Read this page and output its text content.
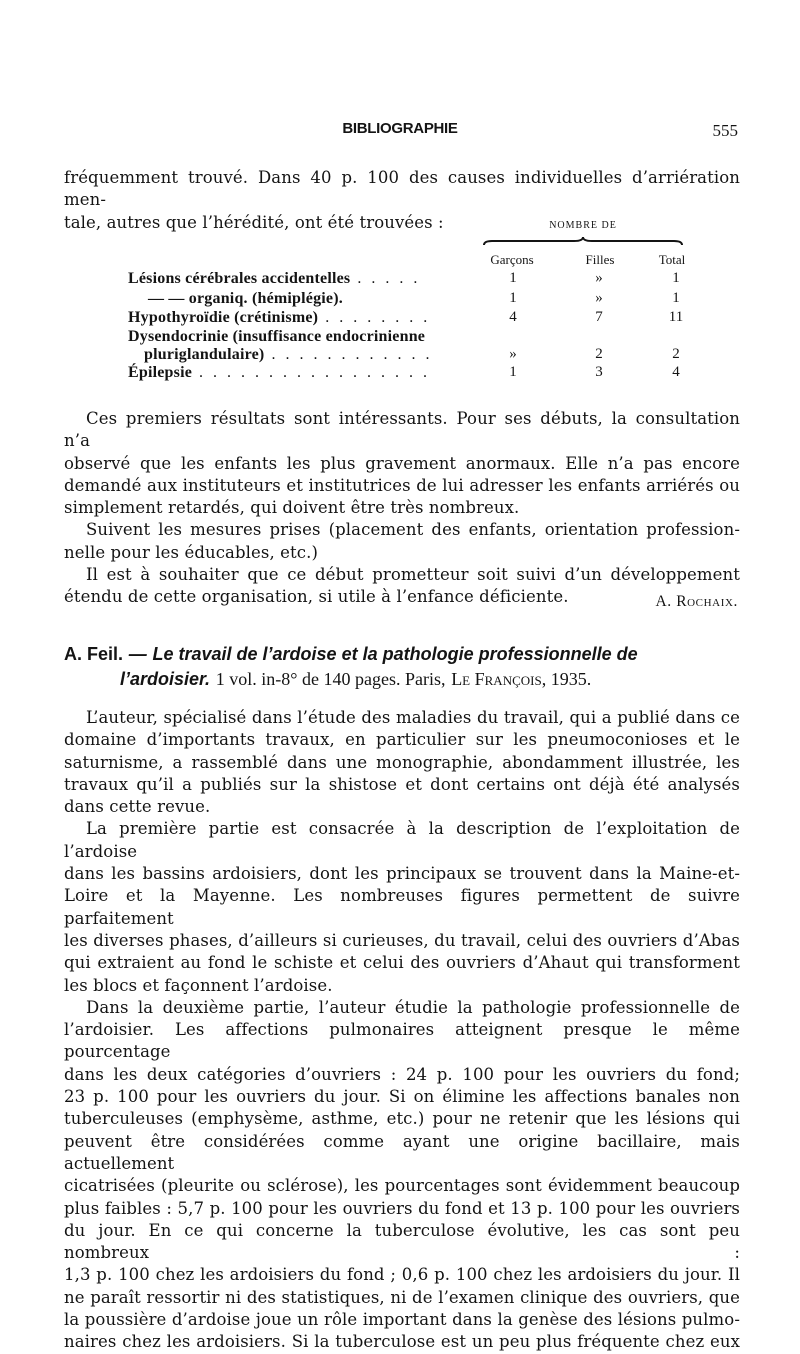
BIBLIOGRAPHIE	555
fréquemment trouvé. Dans 40 p. 100 des causes individuelles d’arriération men-
tale, autres que l’hérédité, ont été trouvées :	NOMBRE DE
Garçons	Filles	Total
Lésions cérébrales accidentelles . . . . .	1	»	1
— — organiq. (hémiplégie).	1	»	1
Hypothyroïdie (crétinisme) . . . . . . . .	4	7	11
Dysendocrinie (insuffisance endocrinienne
pluriglandulaire) . . . . . . . . . . . .	»	2	2
Épilepsie . . . . . . . . . . . . . . . . .	1	3	4
Ces premiers résultats sont intéressants. Pour ses débuts, la consultation n’a
observé que les enfants les plus gravement anormaux. Elle n’a pas encore
demandé aux instituteurs et institutrices de lui adresser les enfants arriérés ou
simplement retardés, qui doivent être très nombreux.
Suivent les mesures prises (placement des enfants, orientation profession-
nelle pour les éducables, etc.)
Il est à souhaiter que ce début prometteur soit suivi d’un développement
étendu de cette organisation, si utile à l’enfance déficiente.	A. Rochaix.
A. Feil. — Le travail de l’ardoise et la pathologie professionnelle de
l’ardoisier. 1 vol. in-8° de 140 pages. Paris, Le François, 1935.
L’auteur, spécialisé dans l’étude des maladies du travail, qui a publié dans ce
domaine d’importants travaux, en particulier sur les pneumoconioses et le
saturnisme, a rassemblé dans une monographie, abondamment illustrée, les
travaux qu’il a publiés sur la shistose et dont certains ont déjà été analysés
dans cette revue.
La première partie est consacrée à la description de l’exploitation de l’ardoise
dans les bassins ardoisiers, dont les principaux se trouvent dans la Maine-et-
Loire et la Mayenne. Les nombreuses figures permettent de suivre parfaitement
les diverses phases, d’ailleurs si curieuses, du travail, celui des ouvriers d’Abas
qui extraient au fond le schiste et celui des ouvriers d’Ahaut qui transforment
les blocs et façonnent l’ardoise.
Dans la deuxième partie, l’auteur étudie la pathologie professionnelle de
l’ardoisier. Les affections pulmonaires atteignent presque le même pourcentage
dans les deux catégories d’ouvriers : 24 p. 100 pour les ouvriers du fond;
23 p. 100 pour les ouvriers du jour. Si on élimine les affections banales non
tuberculeuses (emphysème, asthme, etc.) pour ne retenir que les lésions qui
peuvent être considérées comme ayant une origine bacillaire, mais actuellement
cicatrisées (pleurite ou sclérose), les pourcentages sont évidemment beaucoup
plus faibles : 5,7 p. 100 pour les ouvriers du fond et 13 p. 100 pour les ouvriers
du jour. En ce qui concerne la tuberculose évolutive, les cas sont peu nombreux :
1,3 p. 100 chez les ardoisiers du fond ; 0,6 p. 100 chez les ardoisiers du jour. Il
ne paraît ressortir ni des statistiques, ni de l’examen clinique des ouvriers, que
la poussière d’ardoise joue un rôle important dans la genèse des lésions pulmo-
naires chez les ardoisiers. Si la tuberculose est un peu plus fréquente chez eux
